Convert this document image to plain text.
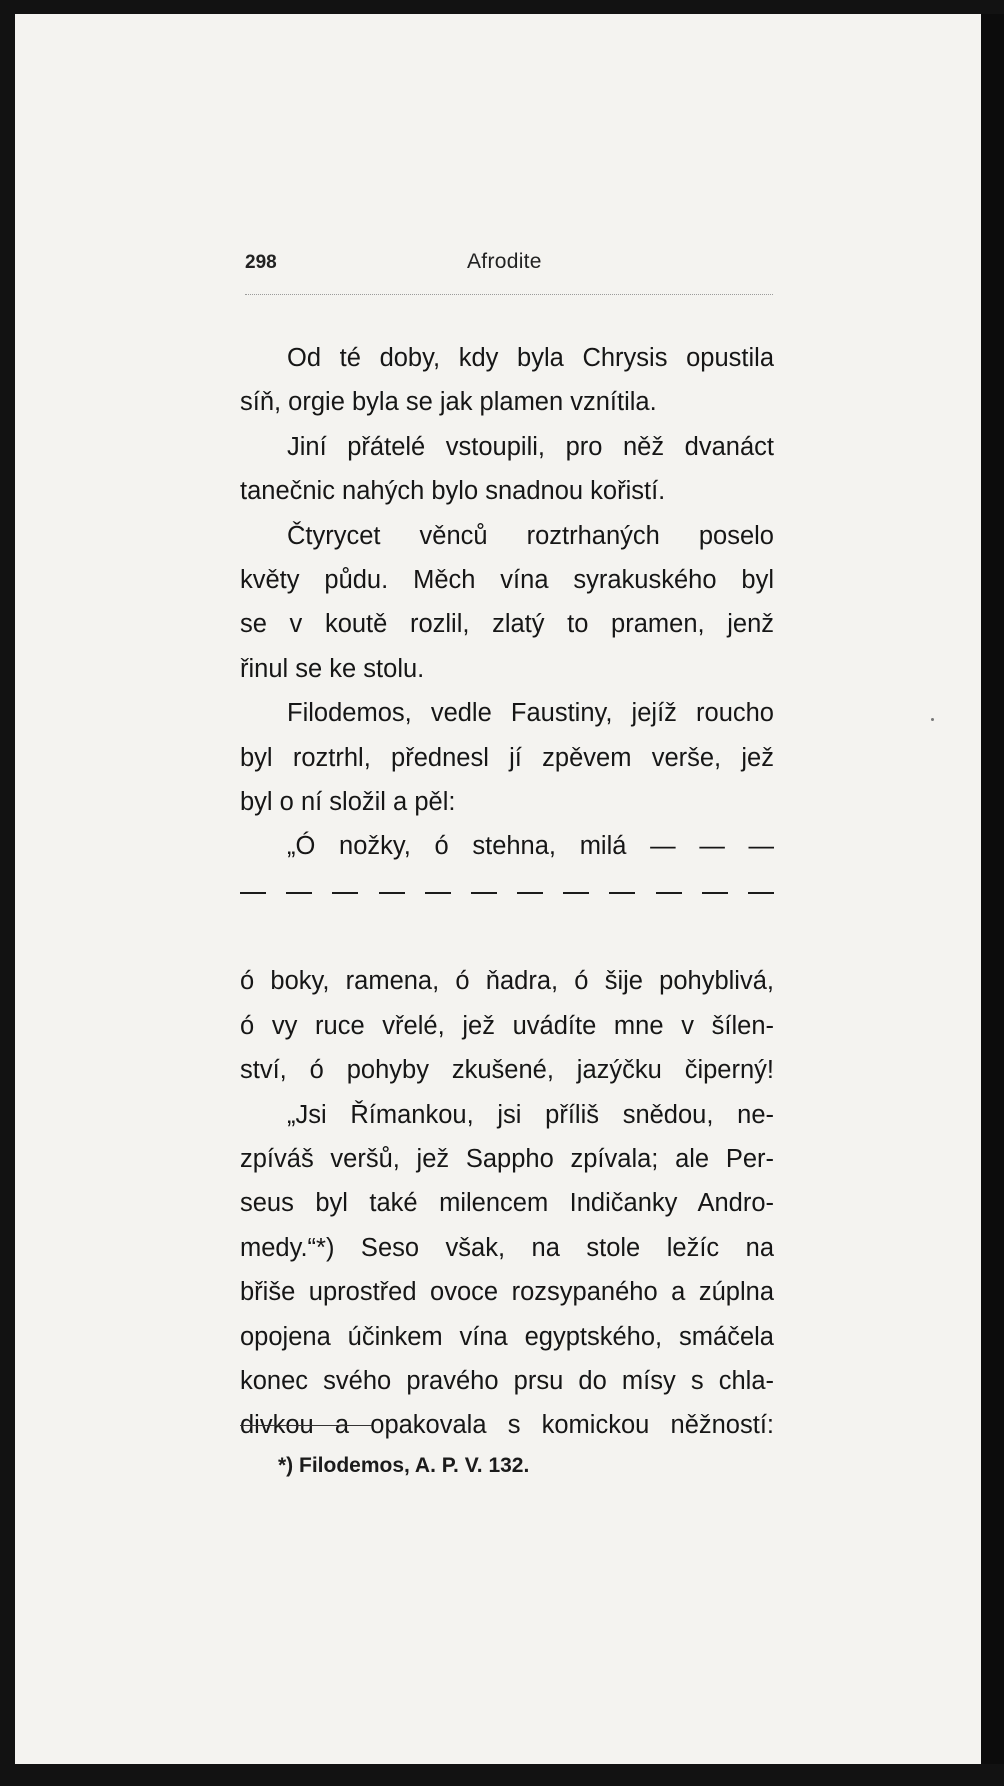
298	Afrodite
Od té doby, kdy byla Chrysis opustila
síň, orgie byla se jak plamen vznítila.
Jiní přátelé vstoupili, pro něž dvanáct
tanečnic nahých bylo snadnou kořistí.
Čtyrycet věnců roztrhaných poselo
květy půdu. Měch vína syrakuského byl
se v koutě rozlil, zlatý to pramen, jenž
řinul se ke stolu.
Filodemos, vedle Faustiny, jejíž roucho
byl roztrhl, přednesl jí zpěvem verše, jež
byl o ní složil a pěl:
„Ó nožky, ó stehna, milá — — —
ó boky, ramena, ó ňadra, ó šije pohyblivá,
ó vy ruce vřelé, jež uvádíte mne v šílen-
ství, ó pohyby zkušené, jazýčku čiperný!
„Jsi Římankou, jsi příliš snědou, ne-
zpíváš veršů, jež Sappho zpívala; ale Per-
seus byl také milencem Indičanky Andro-
medy.“*) Seso však, na stole ležíc na
břiše uprostřed ovoce rozsypaného a zúplna
opojena účinkem vína egyptského, smáčela
konec svého pravého prsu do mísy s chla-
divkou a opakovala s komickou něžností:
*) Filodemos, A. P. V. 132.
